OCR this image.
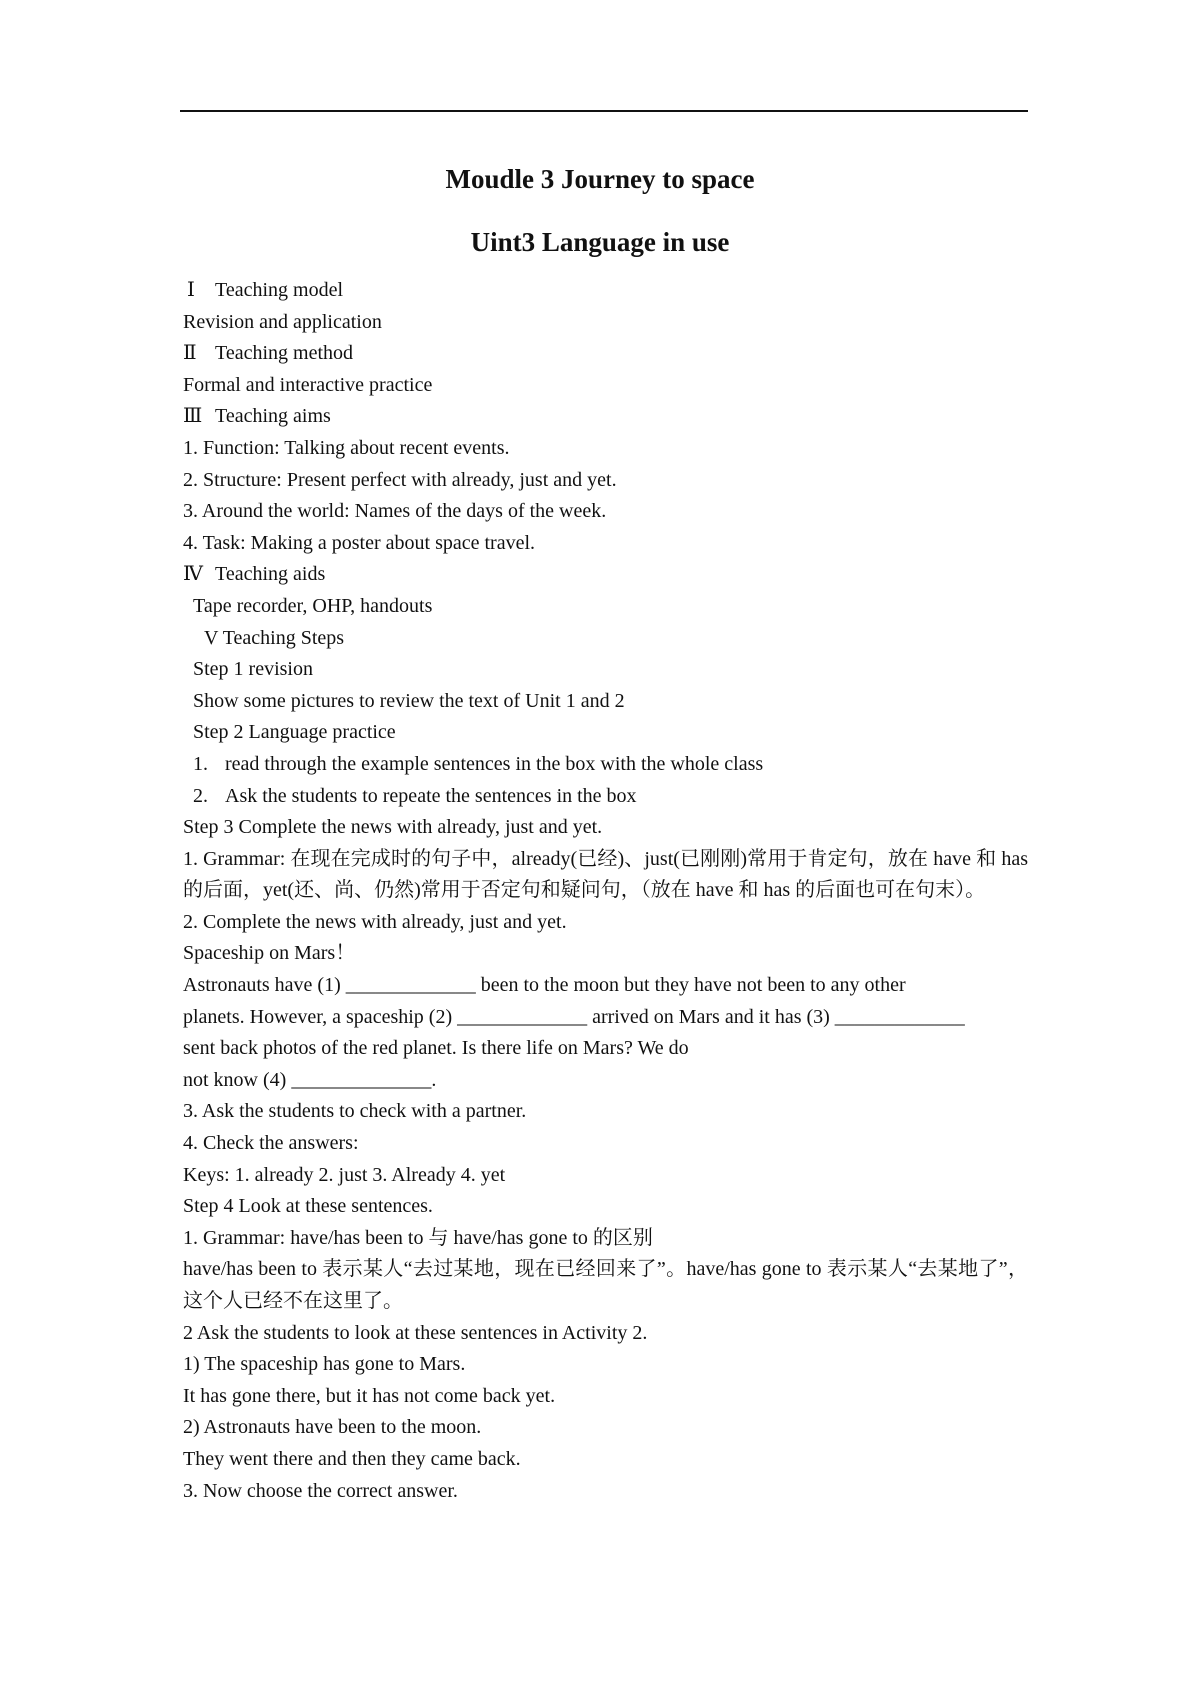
Moudle 3 Journey to space
Uint3 Language in use
Ⅰ Teaching model
Revision and application
Ⅱ Teaching method
Formal and interactive practice
Ⅲ Teaching aims
1. Function: Talking about recent events.
2. Structure: Present perfect with already, just and yet.
3. Around the world: Names of the days of the week.
4. Task: Making a poster about space travel.
Ⅳ Teaching aids
Tape recorder, OHP, handouts
V Teaching Steps
Step 1 revision
Show some pictures to review the text of Unit 1 and 2
Step 2 Language practice
1. read through the example sentences in the box with the whole class
2. Ask the students to repeate the sentences in the box
Step 3 Complete the news with already, just and yet.
1. Grammar: 在现在完成时的句子中，already(已经)、just(已刚刚)常用于肯定句，放在 have 和 has 的后面，yet(还、尚、仍然)常用于否定句和疑问句，（放在 have 和 has 的后面也可在句末）。
2. Complete the news with already, just and yet.
Spaceship on Mars！
Astronauts have (1) _____________ been to the moon but they have not been to any other
planets. However, a spaceship (2) _____________ arrived on Mars and it has (3) _____________
sent back photos of the red planet. Is there life on Mars? We do
not know (4) ______________.
3. Ask the students to check with a partner.
4. Check the answers:
Keys: 1. already 2. just 3. Already 4. yet
Step 4 Look at these sentences.
1. Grammar: have/has been to 与 have/has gone to 的区别
have/has been to 表示某人“去过某地，现在已经回来了”。have/has gone to 表示某人“去某地了”，这个人已经不在这里了。
2 Ask the students to look at these sentences in Activity 2.
1) The spaceship has gone to Mars.
It has gone there, but it has not come back yet.
2) Astronauts have been to the moon.
They went there and then they came back.
3. Now choose the correct answer.
